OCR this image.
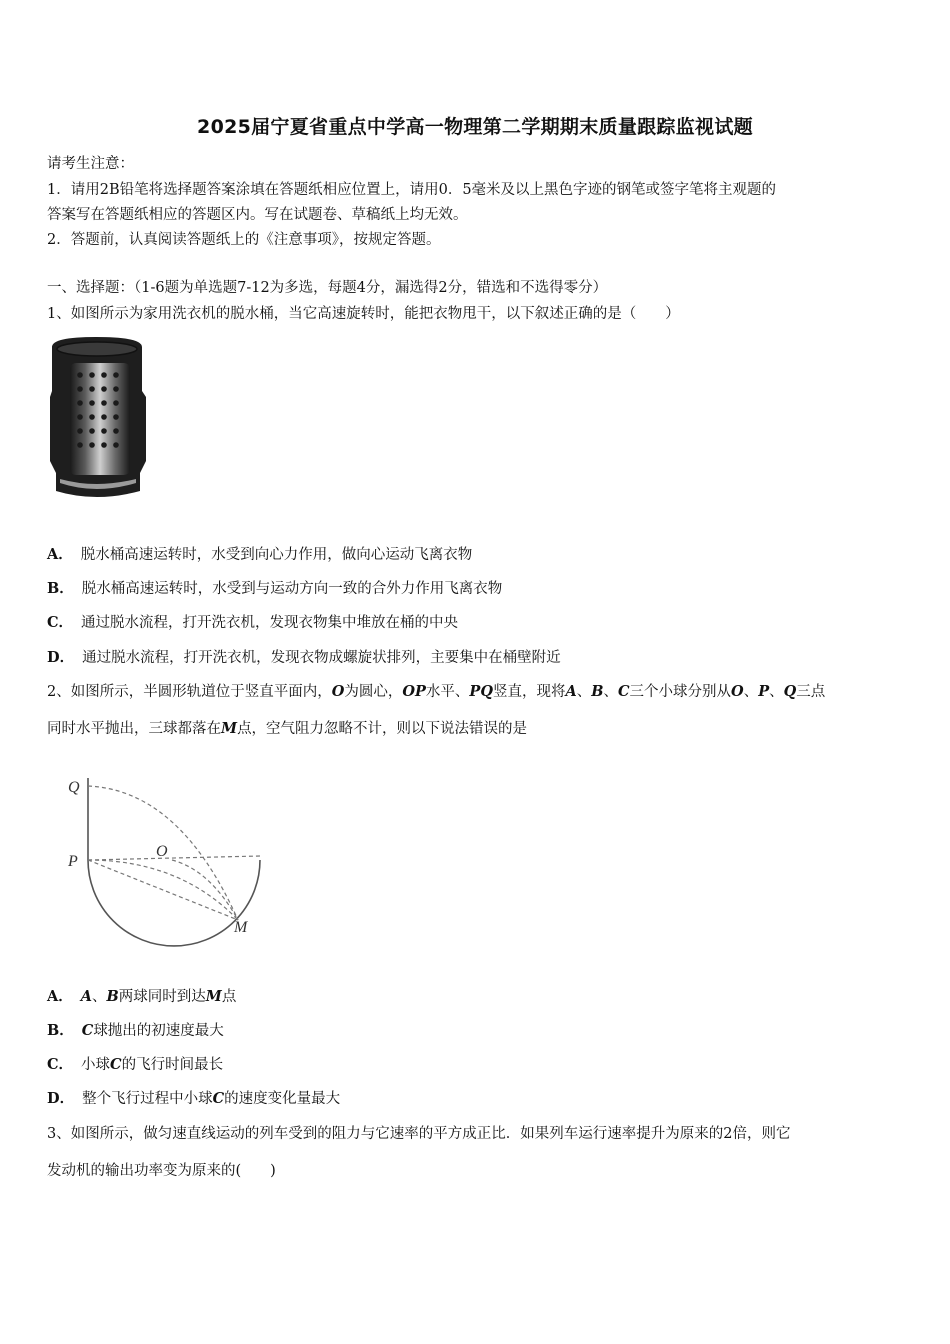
2025届宁夏省重点中学高一物理第二学期期末质量跟踪监视试题
请考生注意：
1．请用2B铅笔将选择题答案涂填在答题纸相应位置上，请用0．5毫米及以上黑色字迹的钢笔或签字笔将主观题的
答案写在答题纸相应的答题区内。写在试题卷、草稿纸上均无效。
2．答题前，认真阅读答题纸上的《注意事项》，按规定答题。
一、选择题：（1-6题为单选题7-12为多选，每题4分，漏选得2分，错选和不选得零分）
1、如图所示为家用洗衣机的脱水桶，当它高速旋转时，能把衣物甩干，以下叙述正确的是（　　）
A． 脱水桶高速运转时，水受到向心力作用，做向心运动飞离衣物
B． 脱水桶高速运转时，水受到与运动方向一致的合外力作用飞离衣物
C． 通过脱水流程，打开洗衣机，发现衣物集中堆放在桶的中央
D． 通过脱水流程，打开洗衣机，发现衣物成螺旋状排列，主要集中在桶壁附近
2、如图所示，半圆形轨道位于竖直平面内，O为圆心，OP水平、PQ竖直，现将A、B、C三个小球分别从O、P、Q三点
同时水平抛出，三球都落在M点，空气阻力忽略不计，则以下说法错误的是
Q
P
O
M
A． A、B两球同时到达M点
B． C球抛出的初速度最大
C． 小球C的飞行时间最长
D． 整个飞行过程中小球C的速度变化量最大
3、如图所示，做匀速直线运动的列车受到的阻力与它速率的平方成正比．如果列车运行速率提升为原来的2倍，则它
发动机的输出功率变为原来的(　　)
